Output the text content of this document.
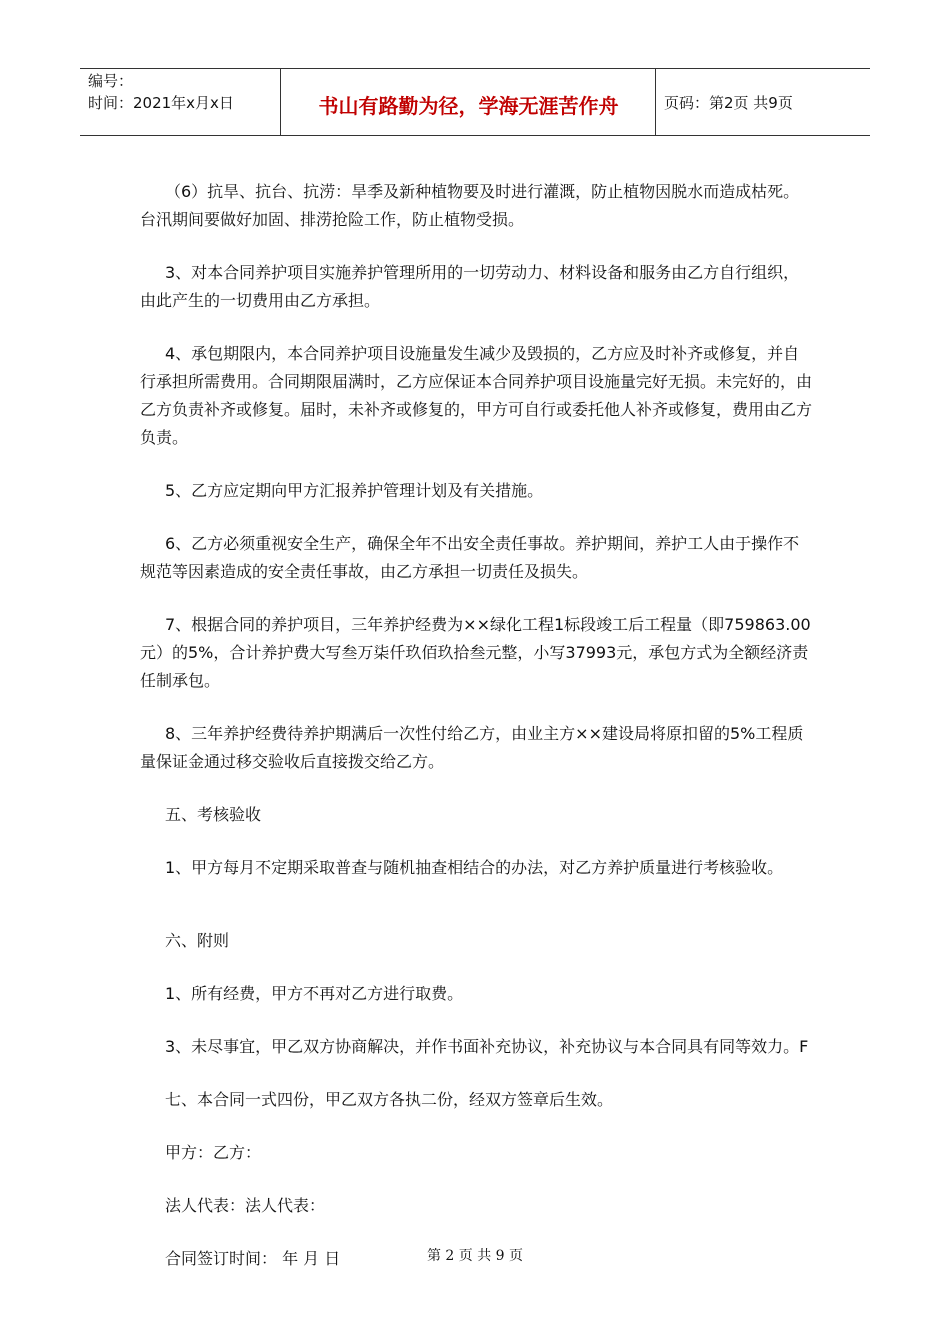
编号：
时间：2021年x月x日	书山有路勤为径，学海无涯苦作舟	页码：第2页 共9页

（6）抗旱、抗台、抗涝：旱季及新种植物要及时进行灌溉，防止植物因脱水而造成枯死。台汛期间要做好加固、排涝抢险工作，防止植物受损。

3、对本合同养护项目实施养护管理所用的一切劳动力、材料设备和服务由乙方自行组织，由此产生的一切费用由乙方承担。

4、承包期限内，本合同养护项目设施量发生减少及毁损的，乙方应及时补齐或修复，并自行承担所需费用。合同期限届满时，乙方应保证本合同养护项目设施量完好无损。未完好的，由乙方负责补齐或修复。届时，未补齐或修复的，甲方可自行或委托他人补齐或修复，费用由乙方负责。

5、乙方应定期向甲方汇报养护管理计划及有关措施。

6、乙方必须重视安全生产，确保全年不出安全责任事故。养护期间，养护工人由于操作不规范等因素造成的安全责任事故，由乙方承担一切责任及损失。

7、根据合同的养护项目，三年养护经费为××绿化工程1标段竣工后工程量（即759863.00元）的5%，合计养护费大写叁万柒仟玖佰玖拾叁元整，小写37993元，承包方式为全额经济责任制承包。

8、三年养护经费待养护期满后一次性付给乙方，由业主方××建设局将原扣留的5%工程质量保证金通过移交验收后直接拨交给乙方。

五、考核验收

1、甲方每月不定期采取普查与随机抽查相结合的办法，对乙方养护质量进行考核验收。

六、附则

1、所有经费，甲方不再对乙方进行取费。

3、未尽事宜，甲乙双方协商解决，并作书面补充协议，补充协议与本合同具有同等效力。F

七、本合同一式四份，甲乙双方各执二份，经双方签章后生效。

甲方：乙方：

法人代表：法人代表：

合同签订时间： 年 月 日	第 2 页 共 9 页
